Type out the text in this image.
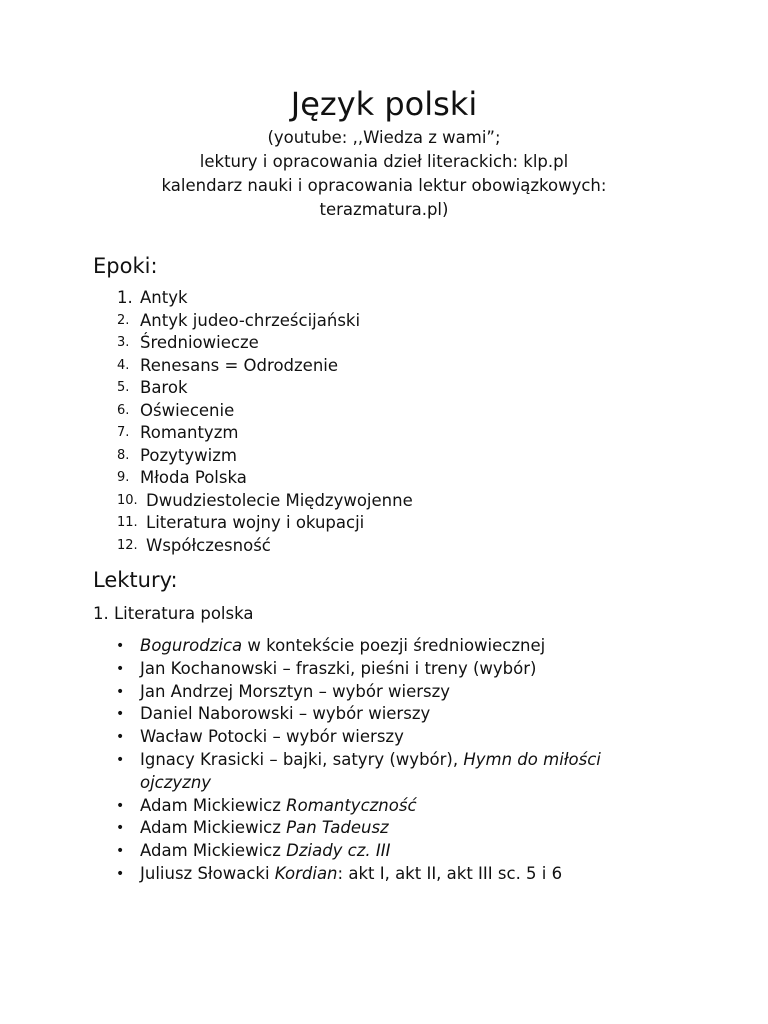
Język polski
(youtube: ,,Wiedza z wami”;
lektury i opracowania dzieł literackich: klp.pl
kalendarz nauki i opracowania lektur obowiązkowych:
terazmatura.pl)
Epoki:
1. Antyk
2. Antyk judeo-chrześcijański
3. Średniowiecze
4. Renesans = Odrodzenie
5. Barok
6. Oświecenie
7. Romantyzm
8. Pozytywizm
9. Młoda Polska
10. Dwudziestolecie Międzywojenne
11. Literatura wojny i okupacji
12. Współczesność
Lektury:
1. Literatura polska
• Bogurodzica w kontekście poezji średniowiecznej
• Jan Kochanowski – fraszki, pieśni i treny (wybór)
• Jan Andrzej Morsztyn – wybór wierszy
• Daniel Naborowski – wybór wierszy
• Wacław Potocki – wybór wierszy
• Ignacy Krasicki – bajki, satyry (wybór), Hymn do miłości ojczyzny
• Adam Mickiewicz Romantyczność
• Adam Mickiewicz Pan Tadeusz
• Adam Mickiewicz Dziady cz. III
• Juliusz Słowacki Kordian: akt I, akt II, akt III sc. 5 i 6
